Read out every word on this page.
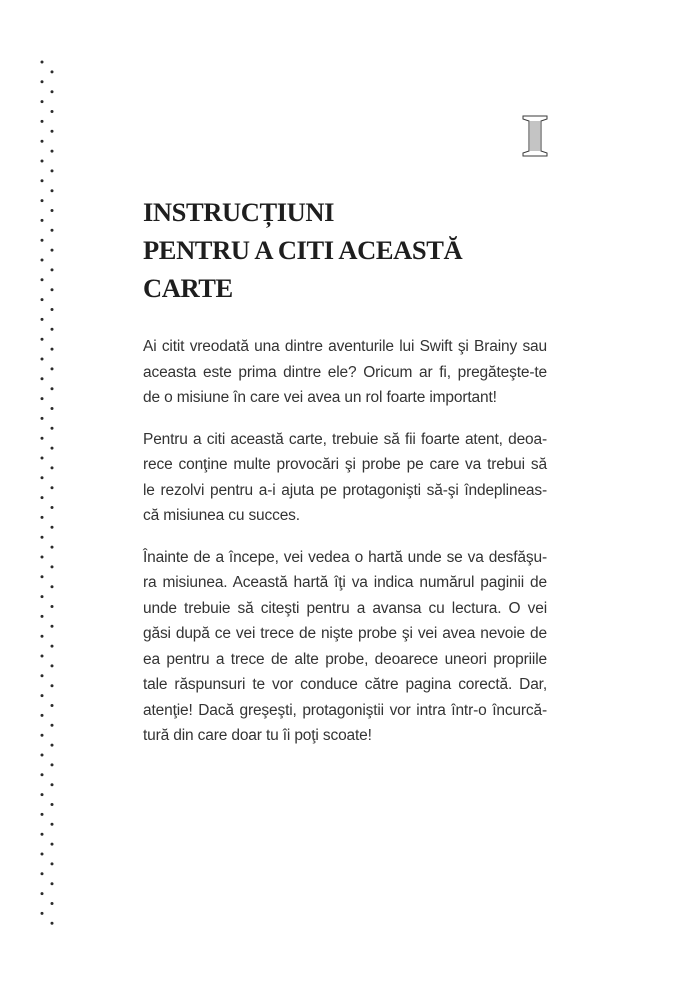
I
INSTRUCȚIUNI
PENTRU A CITI ACEASTĂ
CARTE

Ai citit vreodată una dintre aventurile lui Swift şi Brainy sau
aceasta este prima dintre ele? Oricum ar fi, pregăteşte-te
de o misiune în care vei avea un rol foarte important!

Pentru a citi această carte, trebuie să fii foarte atent, deoa-
rece conţine multe provocări şi probe pe care va trebui să
le rezolvi pentru a-i ajuta pe protagonişti să-şi îndeplineas-
că misiunea cu succes.

Înainte de a începe, vei vedea o hartă unde se va desfăşu-
ra misiunea. Această hartă îţi va indica numărul paginii de
unde trebuie să citeşti pentru a avansa cu lectura. O vei
găsi după ce vei trece de nişte probe şi vei avea nevoie de
ea pentru a trece de alte probe, deoarece uneori propriile
tale răspunsuri te vor conduce către pagina corectă. Dar,
atenţie! Dacă greşeşti, protagoniştii vor intra într-o încurcă-
tură din care doar tu îi poţi scoate!
